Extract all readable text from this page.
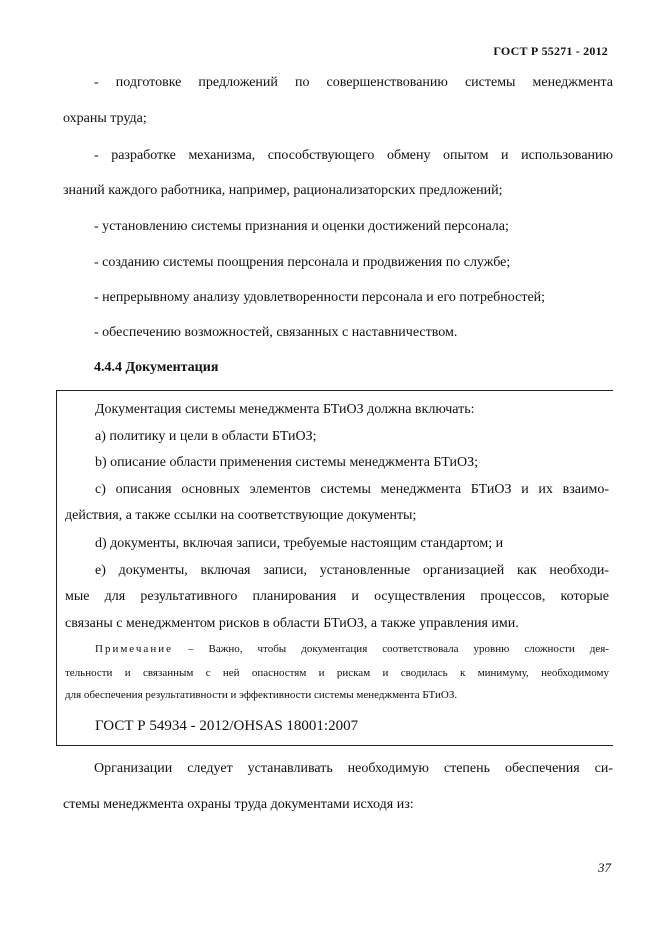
ГОСТ Р 55271 - 2012
- подготовке предложений по совершенствованию системы менеджмента
охраны труда;
- разработке механизма, способствующего обмену опытом и использованию
знаний каждого работника, например, рационализаторских предложений;
- установлению системы признания и оценки достижений персонала;
- созданию системы поощрения персонала и продвижения по службе;
- непрерывному анализу удовлетворенности персонала и его потребностей;
- обеспечению возможностей, связанных с наставничеством.
4.4.4 Документация
Документация системы менеджмента БТиОЗ должна включать:
a) политику и цели в области БТиОЗ;
b) описание области применения системы менеджмента БТиОЗ;
c) описания основных элементов системы менеджмента БТиОЗ и их взаимо-
действия, а также ссылки на соответствующие документы;
d) документы, включая записи, требуемые настоящим стандартом; и
e) документы, включая записи, установленные организацией как необходи-
мые для результативного планирования и осуществления процессов, которые
связаны с менеджментом рисков в области БТиОЗ, а также управления ими.
Примечание – Важно, чтобы документация соответствовала уровню сложности дея-
тельности и связанным с ней опасностям и рискам и сводилась к минимуму, необходимому
для обеспечения результативности и эффективности системы менеджмента БТиОЗ.
ГОСТ Р 54934 - 2012/OHSAS 18001:2007
Организации следует устанавливать необходимую степень обеспечения си-
стемы менеджмента охраны труда документами исходя из:
37
